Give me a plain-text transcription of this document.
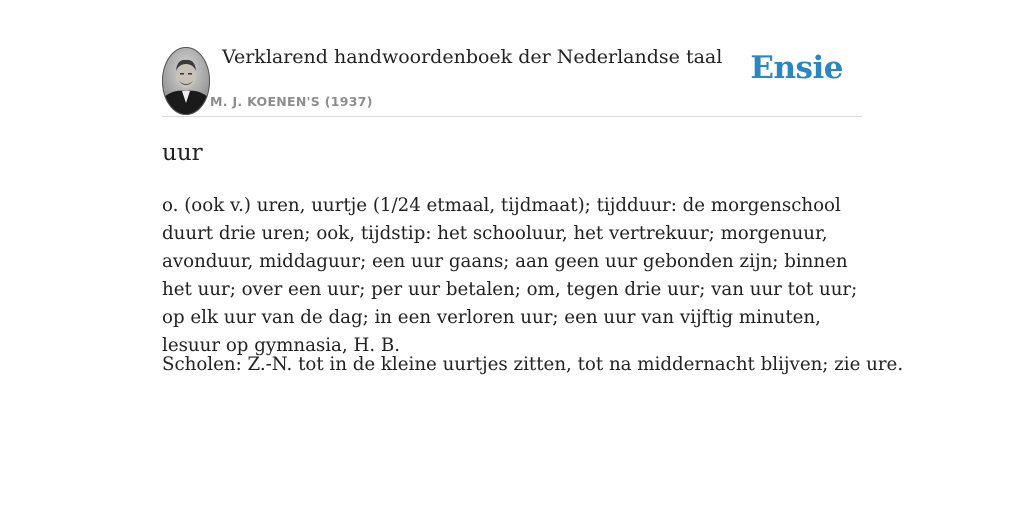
Verklarend handwoordenboek der Nederlandse taal
M. J. KOENEN'S (1937)
Ensie
uur

o. (ook v.) uren, uurtje (1/24 etmaal, tijdmaat); tijdduur: de morgenschool duurt drie uren; ook, tijdstip: het schooluur, het vertrekuur; morgenuur, avonduur, middaguur; een uur gaans; aan geen uur gebonden zijn; binnen het uur; over een uur; per uur betalen; om, tegen drie uur; van uur tot uur; op elk uur van de dag; in een verloren uur; een uur van vijftig minuten, lesuur op gymnasia, H. B.

Scholen: Z.-N. tot in de kleine uurtjes zitten, tot na middernacht blijven; zie ure.
